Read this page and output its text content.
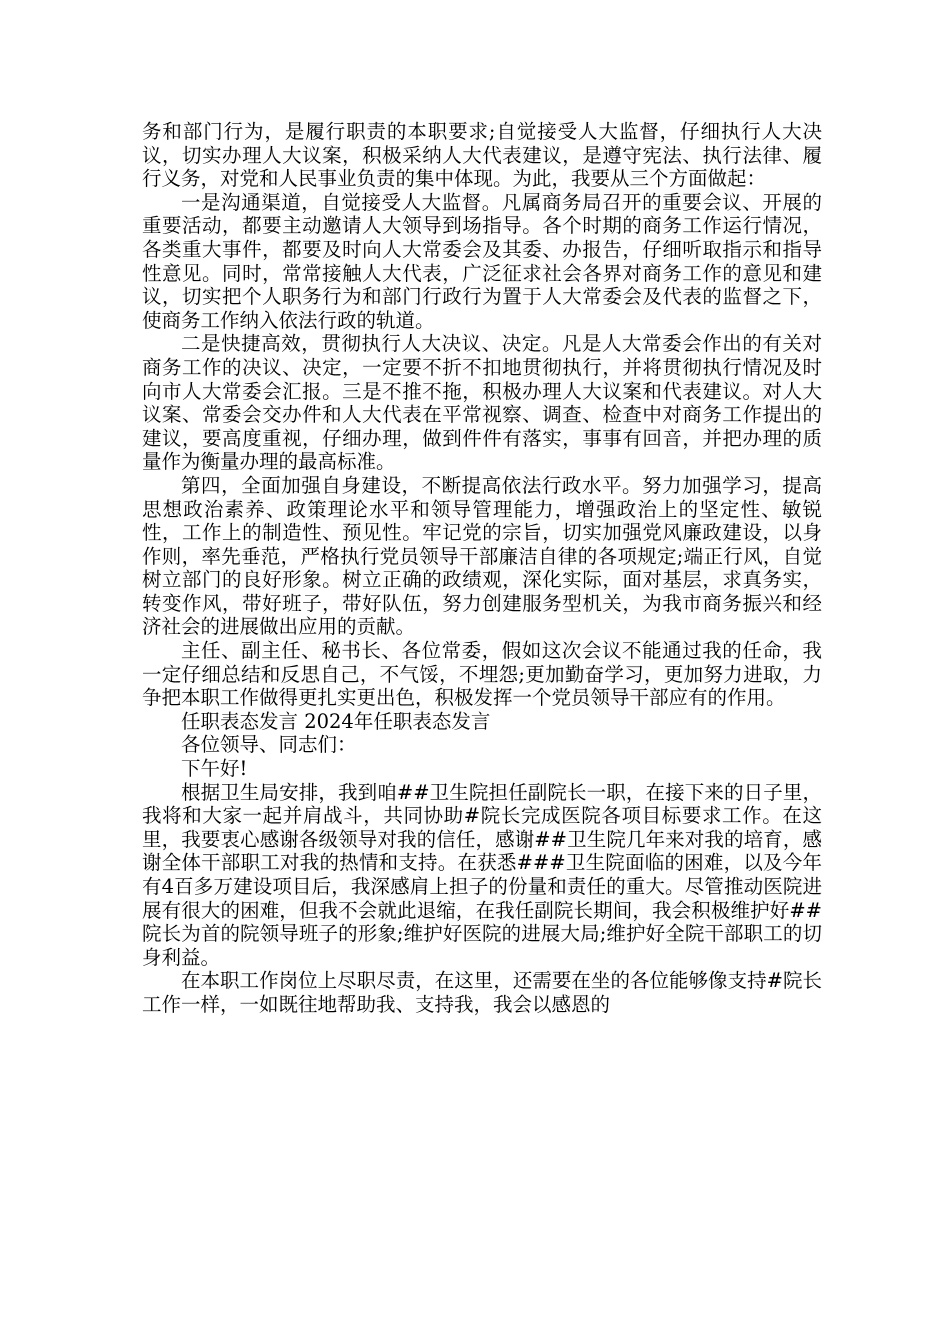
务和部门行为，是履行职责的本职要求;自觉接受人大监督，仔细执行人大决议，切实办理人大议案，积极采纳人大代表建议，是遵守宪法、执行法律、履行义务，对党和人民事业负责的集中体现。为此，我要从三个方面做起：

一是沟通渠道，自觉接受人大监督。凡属商务局召开的重要会议、开展的重要活动，都要主动邀请人大领导到场指导。各个时期的商务工作运行情况，各类重大事件，都要及时向人大常委会及其委、办报告，仔细听取指示和指导性意见。同时，常常接触人大代表，广泛征求社会各界对商务工作的意见和建议，切实把个人职务行为和部门行政行为置于人大常委会及代表的监督之下，使商务工作纳入依法行政的轨道。

二是快捷高效，贯彻执行人大决议、决定。凡是人大常委会作出的有关对商务工作的决议、决定，一定要不折不扣地贯彻执行，并将贯彻执行情况及时向市人大常委会汇报。三是不推不拖，积极办理人大议案和代表建议。对人大议案、常委会交办件和人大代表在平常视察、调查、检查中对商务工作提出的建议，要高度重视，仔细办理，做到件件有落实，事事有回音，并把办理的质量作为衡量办理的最高标准。

第四，全面加强自身建设，不断提高依法行政水平。努力加强学习，提高思想政治素养、政策理论水平和领导管理能力，增强政治上的坚定性、敏锐性，工作上的制造性、预见性。牢记党的宗旨，切实加强党风廉政建设，以身作则，率先垂范，严格执行党员领导干部廉洁自律的各项规定;端正行风，自觉树立部门的良好形象。树立正确的政绩观，深化实际，面对基层，求真务实，转变作风，带好班子，带好队伍，努力创建服务型机关，为我市商务振兴和经济社会的进展做出应用的贡献。

主任、副主任、秘书长、各位常委，假如这次会议不能通过我的任命，我一定仔细总结和反思自己，不气馁，不埋怨;更加勤奋学习，更加努力进取，力争把本职工作做得更扎实更出色，积极发挥一个党员领导干部应有的作用。

任职表态发言 2024年任职表态发言

各位领导、同志们：

下午好!

根据卫生局安排，我到咱##卫生院担任副院长一职，在接下来的日子里，我将和大家一起并肩战斗，共同协助#院长完成医院各项目标要求工作。在这里，我要衷心感谢各级领导对我的信任，感谢##卫生院几年来对我的培育，感谢全体干部职工对我的热情和支持。在获悉###卫生院面临的困难，以及今年有4百多万建设项目后，我深感肩上担子的份量和责任的重大。尽管推动医院进展有很大的困难，但我不会就此退缩，在我任副院长期间，我会积极维护好##院长为首的院领导班子的形象;维护好医院的进展大局;维护好全院干部职工的切身利益。

在本职工作岗位上尽职尽责，在这里，还需要在坐的各位能够像支持#院长工作一样，一如既往地帮助我、支持我，我会以感恩的
